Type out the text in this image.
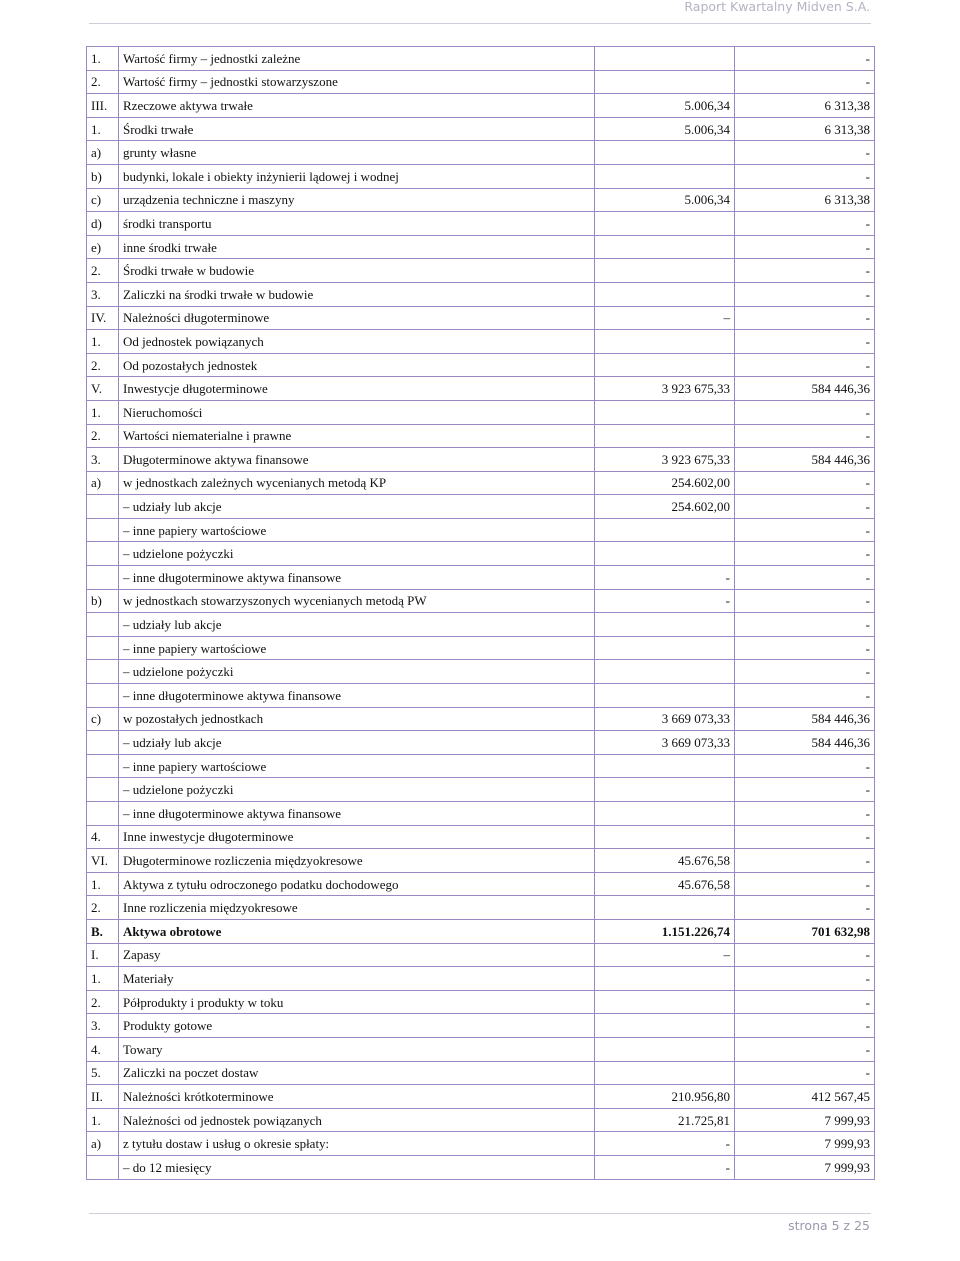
Raport Kwartalny Midven S.A.
1.	Wartość firmy – jednostki zależne		-
2.	Wartość firmy – jednostki stowarzyszone		-
III.	Rzeczowe aktywa trwałe	5.006,34	6 313,38
1.	Środki trwałe	5.006,34	6 313,38
a)	grunty własne		-
b)	budynki, lokale i obiekty inżynierii lądowej i wodnej		-
c)	urządzenia techniczne i maszyny	5.006,34	6 313,38
d)	środki transportu		-
e)	inne środki trwałe		-
2.	Środki trwałe w budowie		-
3.	Zaliczki na środki trwałe w budowie		-
IV.	Należności długoterminowe	–	-
1.	Od jednostek powiązanych		-
2.	Od pozostałych jednostek		-
V.	Inwestycje długoterminowe	3 923 675,33	584 446,36
1.	Nieruchomości		-
2.	Wartości niematerialne i prawne		-
3.	Długoterminowe aktywa finansowe	3 923 675,33	584 446,36
a)	w jednostkach zależnych wycenianych metodą KP	254.602,00	-
	– udziały lub akcje	254.602,00	-
	– inne papiery wartościowe		-
	– udzielone pożyczki		-
	– inne długoterminowe aktywa finansowe	-	-
b)	w jednostkach stowarzyszonych wycenianych metodą PW	-	-
	– udziały lub akcje		-
	– inne papiery wartościowe		-
	– udzielone pożyczki		-
	– inne długoterminowe aktywa finansowe		-
c)	w pozostałych jednostkach	3 669 073,33	584 446,36
	– udziały lub akcje	3 669 073,33	584 446,36
	– inne papiery wartościowe		-
	– udzielone pożyczki		-
	– inne długoterminowe aktywa finansowe		-
4.	Inne inwestycje długoterminowe		-
VI.	Długoterminowe rozliczenia międzyokresowe	45.676,58	-
1.	Aktywa z tytułu odroczonego podatku dochodowego	45.676,58	-
2.	Inne rozliczenia międzyokresowe		-
B.	Aktywa obrotowe	1.151.226,74	701 632,98
I.	Zapasy	–	-
1.	Materiały		-
2.	Półprodukty i produkty w toku		-
3.	Produkty gotowe		-
4.	Towary		-
5.	Zaliczki na poczet dostaw		-
II.	Należności krótkoterminowe	210.956,80	412 567,45
1.	Należności od jednostek powiązanych	21.725,81	7 999,93
a)	z tytułu dostaw i usług o okresie spłaty:	-	7 999,93
	– do 12 miesięcy	-	7 999,93
strona 5 z 25
